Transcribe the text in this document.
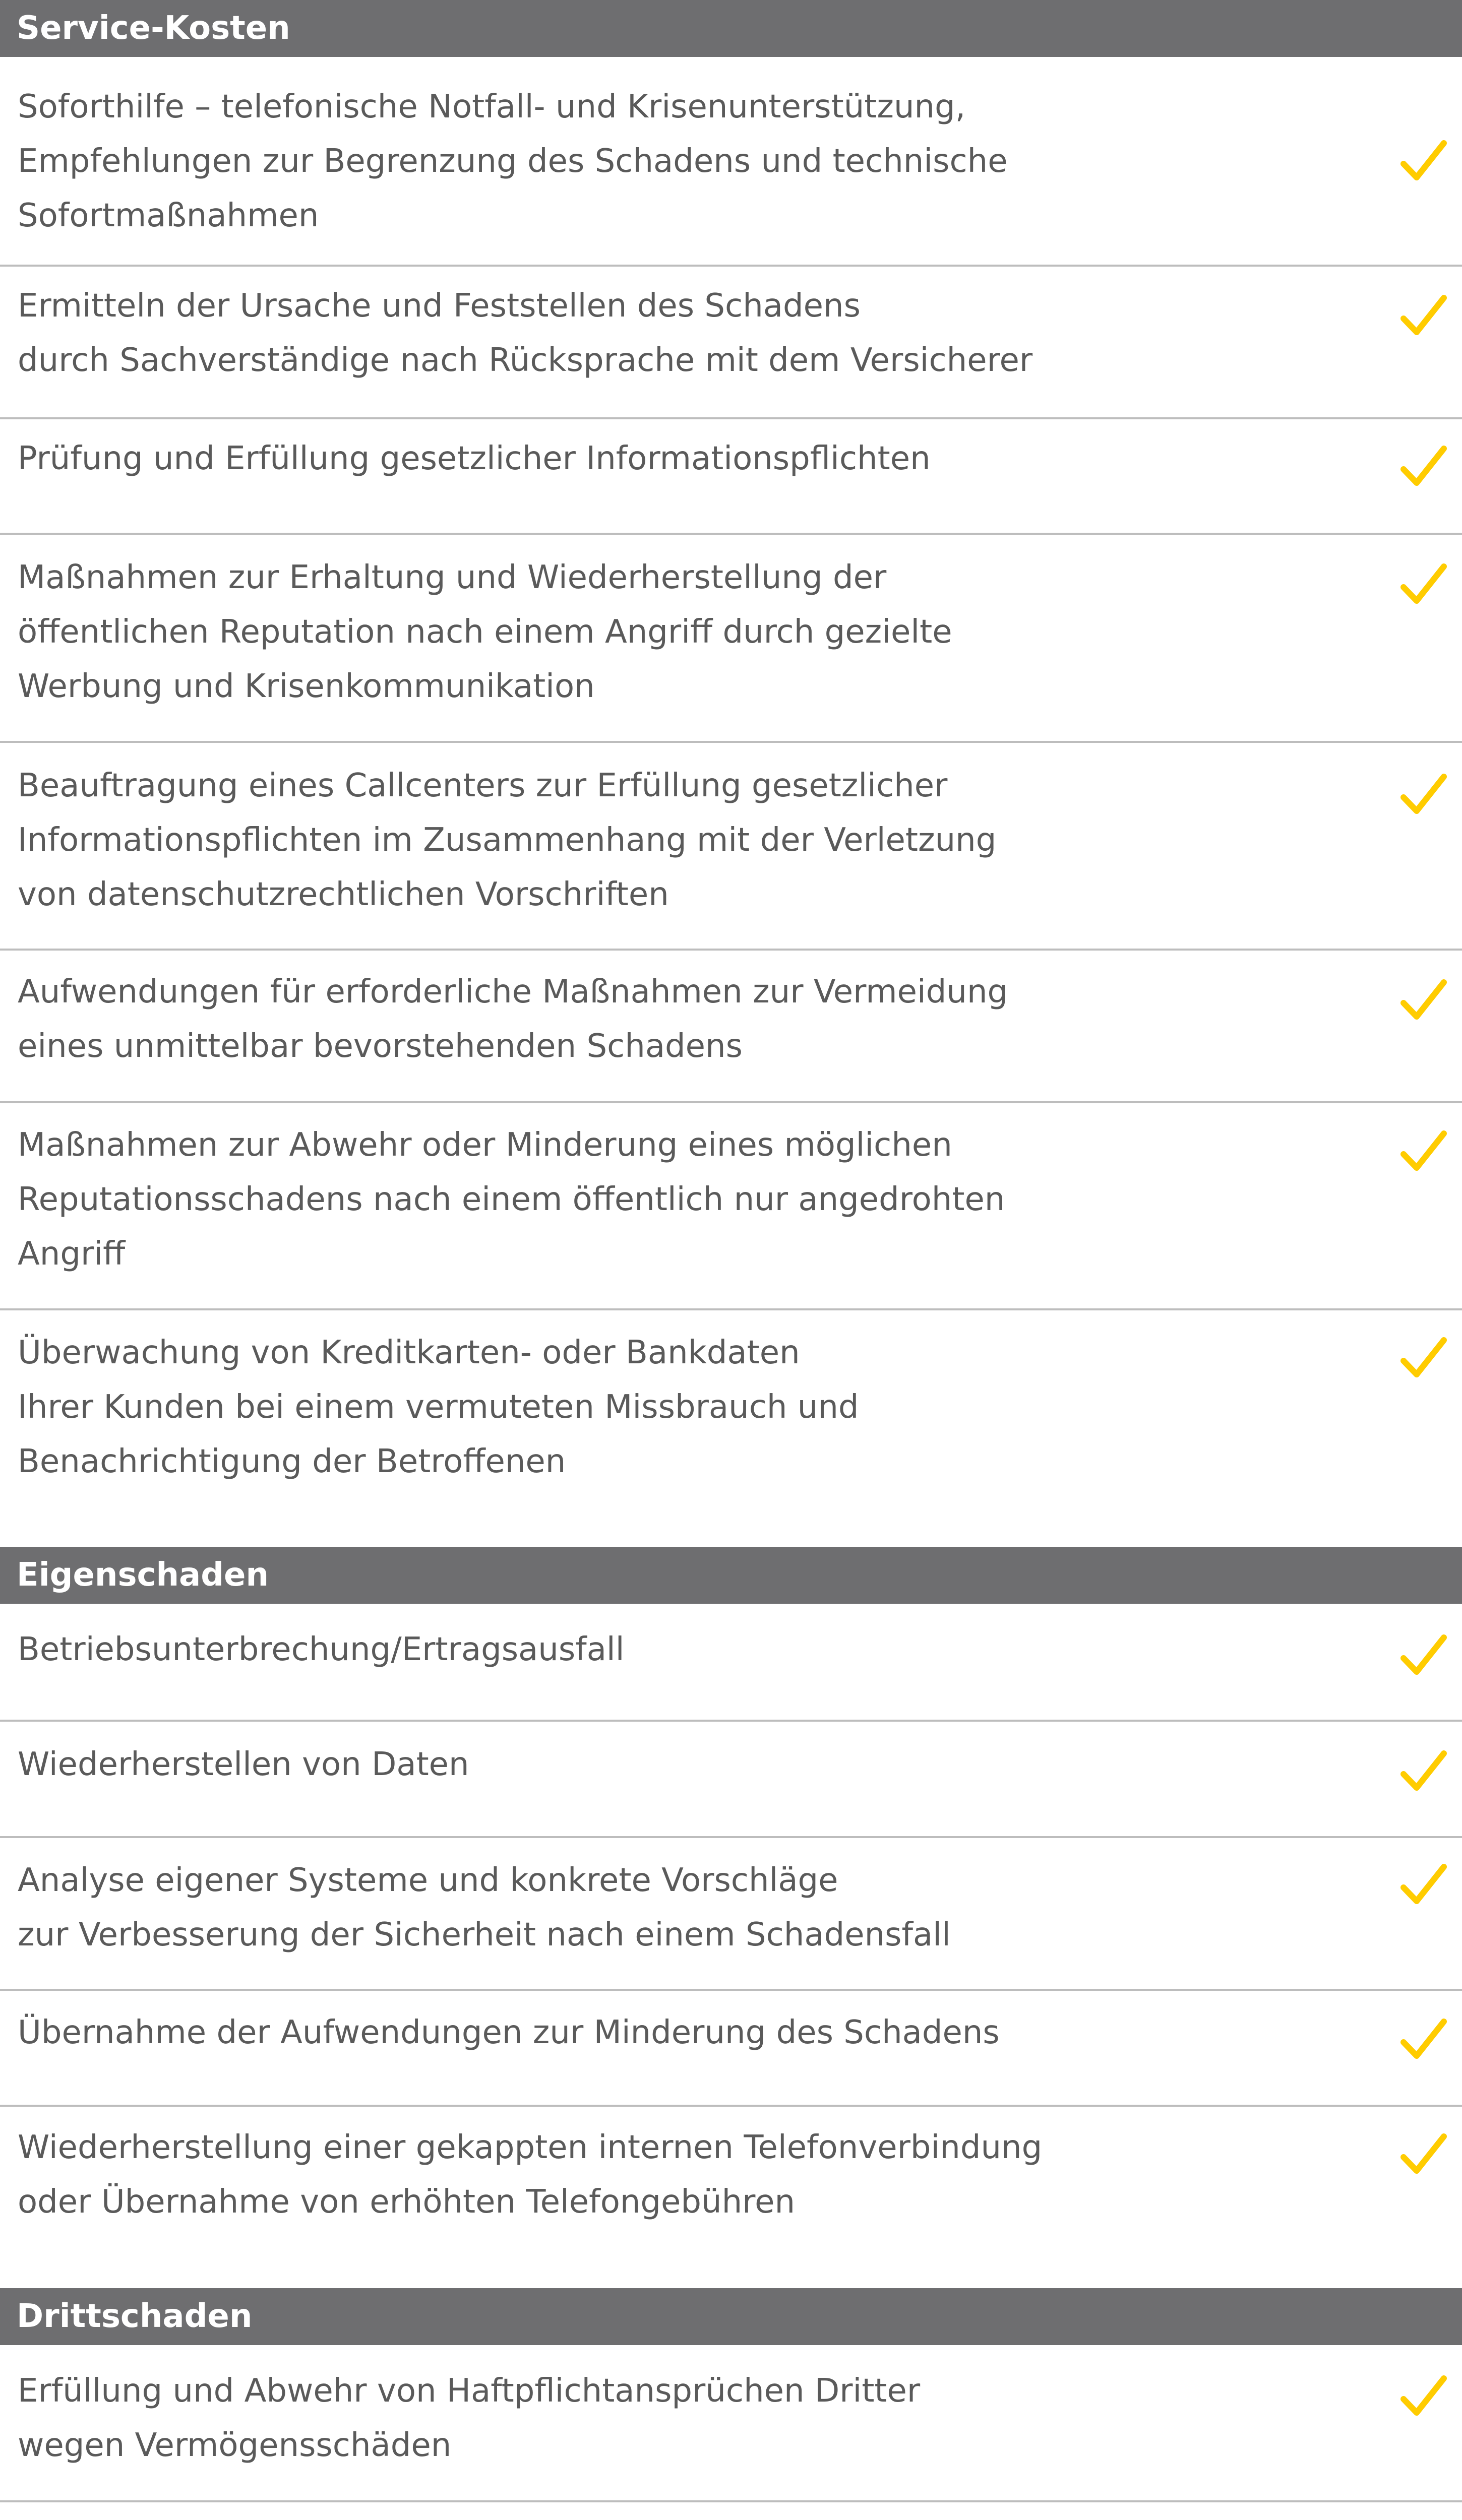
Service-Kosten
Soforthilfe – telefonische Notfall- und Krisenunterstützung,
Empfehlungen zur Begrenzung des Schadens und technische
Sofortmaßnahmen
Ermitteln der Ursache und Feststellen des Schadens
durch Sachverständige nach Rücksprache mit dem Versicherer
Prüfung und Erfüllung gesetzlicher Informationspflichten
Maßnahmen zur Erhaltung und Wiederherstellung der
öffentlichen Reputation nach einem Angriff durch gezielte
Werbung und Krisenkommunikation
Beauftragung eines Callcenters zur Erfüllung gesetzlicher
Informationspflichten im Zusammenhang mit der Verletzung
von datenschutzrechtlichen Vorschriften
Aufwendungen für erforderliche Maßnahmen zur Vermeidung
eines unmittelbar bevorstehenden Schadens
Maßnahmen zur Abwehr oder Minderung eines möglichen
Reputationsschadens nach einem öffentlich nur angedrohten
Angriff
Überwachung von Kreditkarten- oder Bankdaten
Ihrer Kunden bei einem vermuteten Missbrauch und
Benachrichtigung der Betroffenen
Eigenschaden
Betriebsunterbrechung/Ertragsausfall
Wiederherstellen von Daten
Analyse eigener Systeme und konkrete Vorschläge
zur Verbesserung der Sicherheit nach einem Schadensfall
Übernahme der Aufwendungen zur Minderung des Schadens
Wiederherstellung einer gekappten internen Telefonverbindung
oder Übernahme von erhöhten Telefongebühren
Drittschaden
Erfüllung und Abwehr von Haftpflichtansprüchen Dritter
wegen Vermögensschäden
